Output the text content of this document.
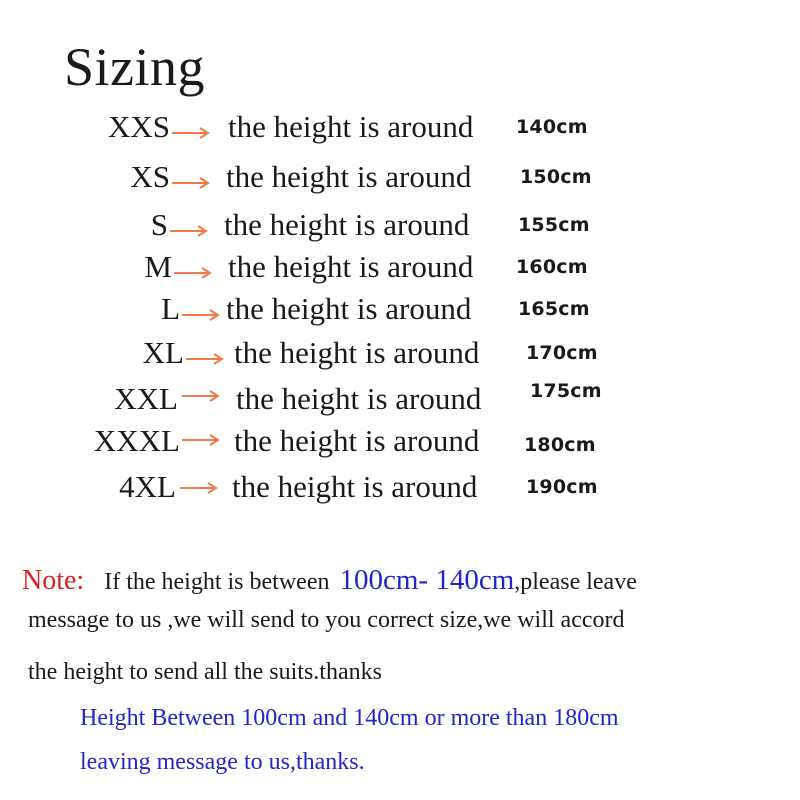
Sizing
XXS the height is around 140cm
XS the height is around	150cm
S the height is around	155cm
M the height is around 160cm
L the height is around 165cm
XL the height is around 170cm
XXL the height is around	175cm
XXXL the height is around 180cm
4XL the height is around	190cm
Note: If the height is between 100cm- 140cm,please leave
message to us ,we will send to you correct size,we will accord
the height to send all the suits.thanks
Height Between 100cm and 140cm or more than 180cm
leaving message to us,thanks.
